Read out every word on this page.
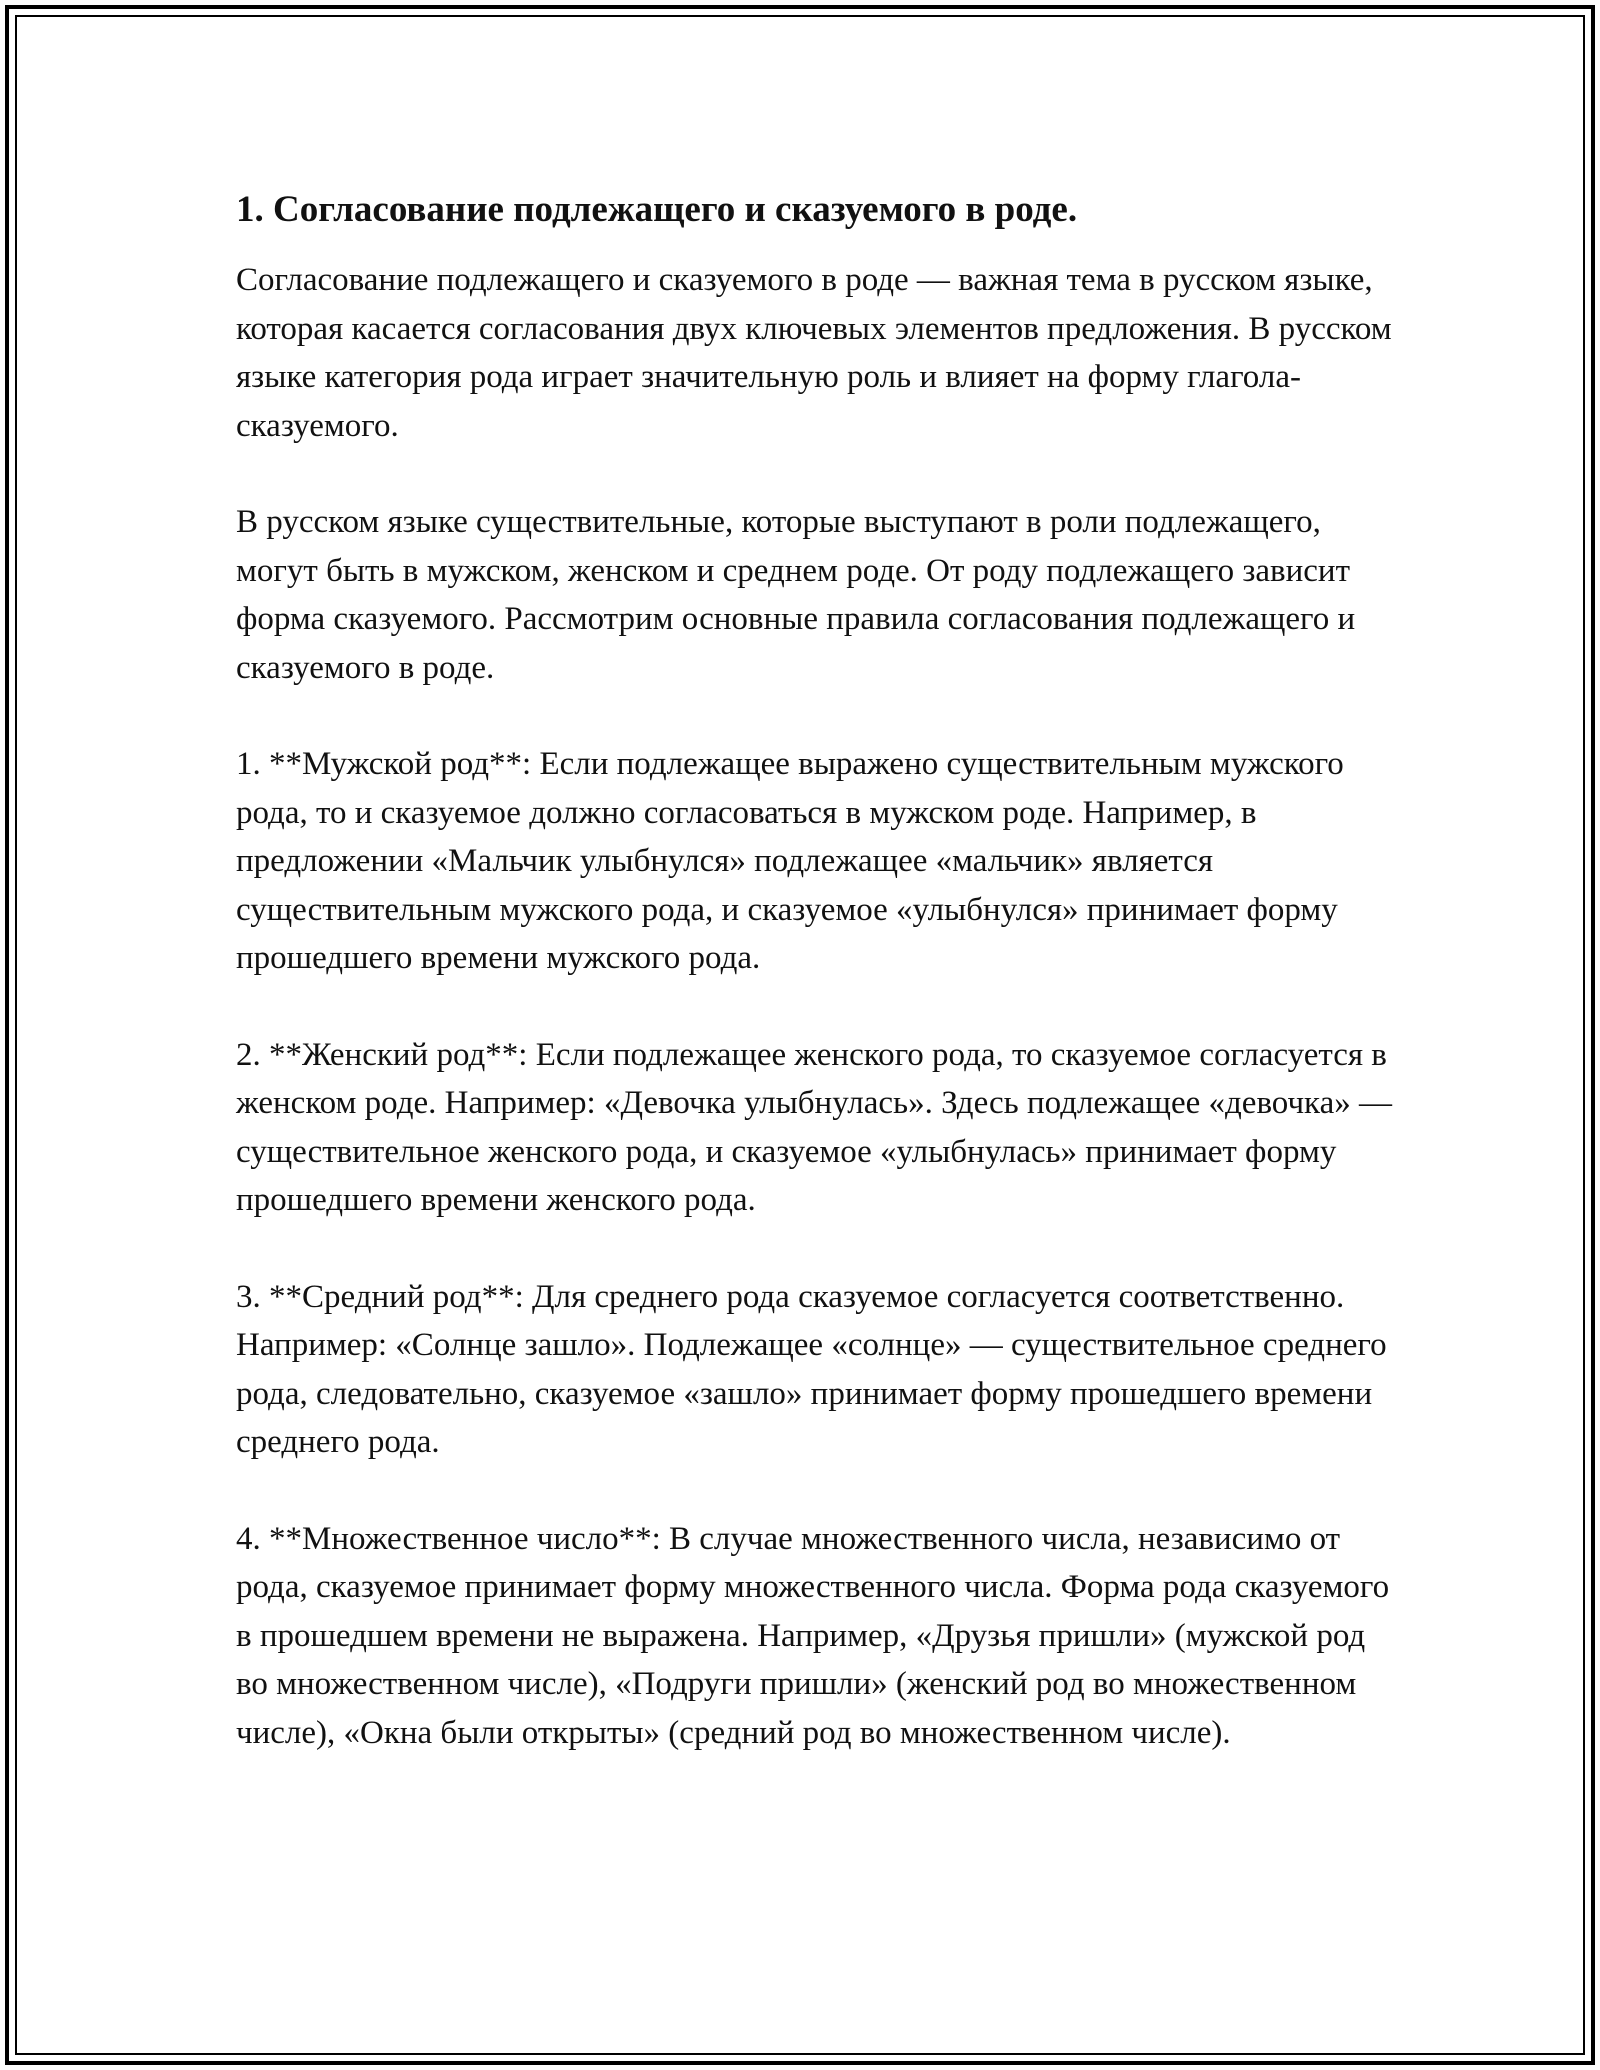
1. Согласование подлежащего и сказуемого в роде.

Согласование подлежащего и сказуемого в роде — важная тема в русском языке, которая касается согласования двух ключевых элементов предложения. В русском языке категория рода играет значительную роль и влияет на форму глагола-сказуемого.

В русском языке существительные, которые выступают в роли подлежащего, могут быть в мужском, женском и среднем роде. От роду подлежащего зависит форма сказуемого. Рассмотрим основные правила согласования подлежащего и сказуемого в роде.

1. **Мужской род**: Если подлежащее выражено существительным мужского рода, то и сказуемое должно согласоваться в мужском роде. Например, в предложении «Мальчик улыбнулся» подлежащее «мальчик» является существительным мужского рода, и сказуемое «улыбнулся» принимает форму прошедшего времени мужского рода.

2. **Женский род**: Если подлежащее женского рода, то сказуемое согласуется в женском роде. Например: «Девочка улыбнулась». Здесь подлежащее «девочка» — существительное женского рода, и сказуемое «улыбнулась» принимает форму прошедшего времени женского рода.

3. **Средний род**: Для среднего рода сказуемое согласуется соответственно. Например: «Солнце зашло». Подлежащее «солнце» — существительное среднего рода, следовательно, сказуемое «зашло» принимает форму прошедшего времени среднего рода.

4. **Множественное число**: В случае множественного числа, независимо от рода, сказуемое принимает форму множественного числа. Форма рода сказуемого в прошедшем времени не выражена. Например, «Друзья пришли» (мужской род во множественном числе), «Подруги пришли» (женский род во множественном числе), «Окна были открыты» (средний род во множественном числе).
